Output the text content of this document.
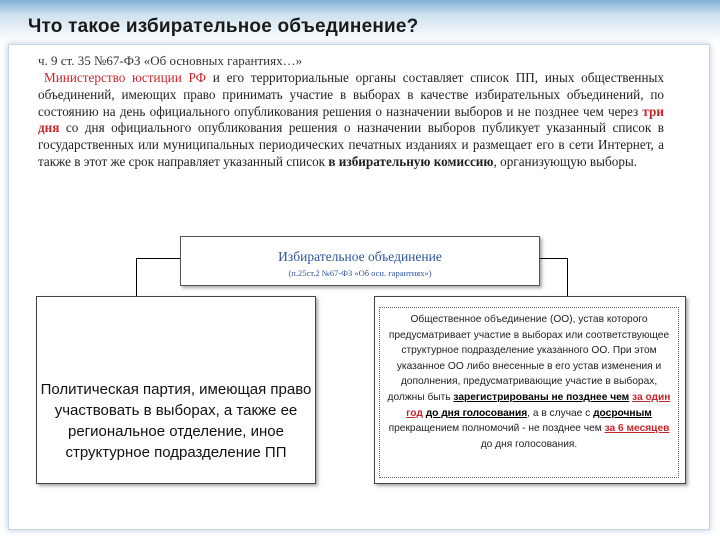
Что такое избирательное объединение?
ч. 9 ст. 35 №67-ФЗ «Об основных гарантиях…»

Министерство юстиции РФ и его территориальные органы составляет список ПП, иных общественных объединений, имеющих право принимать участие в выборах в качестве избирательных объединений, по состоянию на день официального опубликования решения о назначении выборов и не позднее чем через три дня со дня официального опубликования решения о назначении выборов публикует указанный список в государственных или муниципальных периодических печатных изданиях и размещает его в сети Интернет, а также в этот же срок направляет указанный список в избирательную комиссию, организующую выборы.

Избирательное объединение
(п.25ст.2 №67-ФЗ «Об осн. гарантиях»)
Политическая партия, имеющая право участвовать в выборах, а также ее региональное отделение, иное структурное подразделение ПП
Общественное объединение (ОО), устав которого предусматривает участие в выборах или соответствующее структурное подразделение указанного ОО. При этом указанное ОО либо внесенные в его устав изменения и дополнения, предусматривающие участие в выборах, должны быть зарегистрированы не позднее чем за один год до дня голосования, а в случае с досрочным прекращением полномочий - не позднее чем за 6 месяцев до дня голосования.
